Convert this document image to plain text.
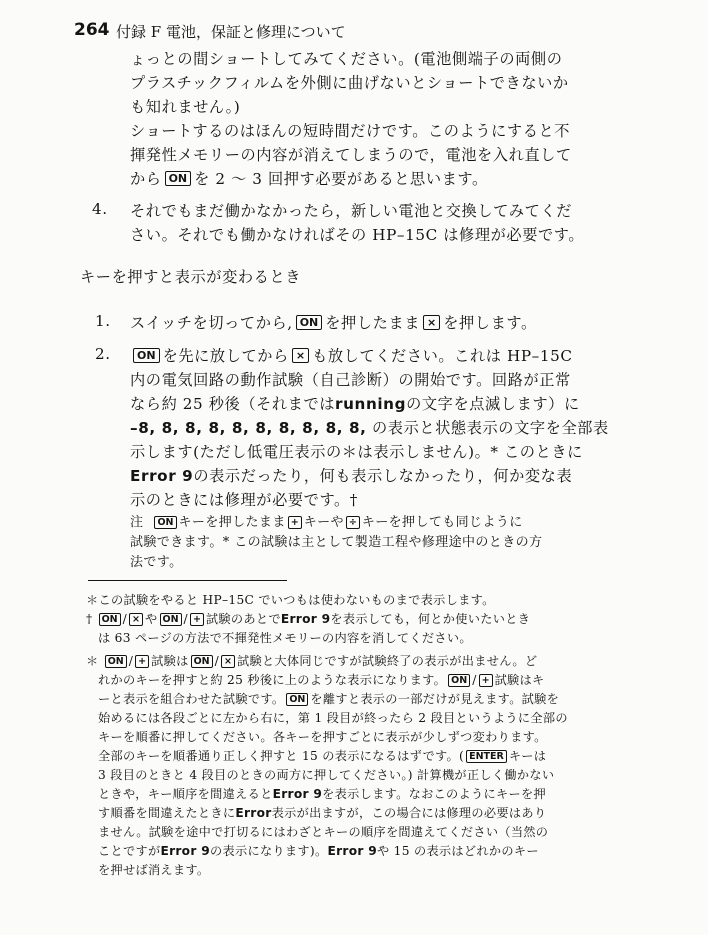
264 付録 F 電池，保証と修理について
ょっとの間ショートしてみてください。(電池側端子の両側の
プラスチックフィルムを外側に曲げないとショートできないか
も知れません。)
ショートするのはほんの短時間だけです。このようにすると不
揮発性メモリーの内容が消えてしまうので，電池を入れ直して
から ON を 2 ～ 3 回押す必要があると思います。
4. それでもまだ働かなかったら，新しい電池と交換してみてくだ
さい。それでも働かなければその HP–15C は修理が必要です。
キーを押すと表示が変わるとき
1. スイッチを切ってから, ON を押したまま × を押します。
2.	ON を先に放してから × も放してください。これは HP–15C
内の電気回路の動作試験（自己診断）の開始です。回路が正常
なら約 25 秒後（それまではrunningの文字を点滅します）に
–8, 8, 8, 8, 8, 8, 8, 8, 8, 8, の表示と状態表示の文字を全部表
示します(ただし低電圧表示の＊は表示しません)。* このときに
Error 9の表示だったり，何も表示しなかったり，何か変な表
示のときには修理が必要です。†
注 ON キーを押したまま + キーや ÷ キーを押しても同じように
試験できます。* この試験は主として製造工程や修理途中のときの方
法です。
＊この試験をやると HP–15C でいつもは使わないものまで表示します。
† ON / × や ON / + 試験のあとでError 9を表示しても，何とか使いたいとき
は 63 ページの方法で不揮発性メモリーの内容を消してください。
＊ ON / + 試験は ON / × 試験と大体同じですが試験終了の表示が出ません。ど
れかのキーを押すと約 25 秒後に上のような表示になります。 ON / + 試験はキ
ーと表示を組合わせた試験です。 ON を離すと表示の一部だけが見えます。試験を
始めるには各段ごとに左から右に，第 1 段目が終ったら 2 段目というように全部の
キーを順番に押してください。各キーを押すごとに表示が少しずつ変わります。
全部のキーを順番通り正しく押すと 15 の表示になるはずです。( ENTER キーは
3 段目のときと 4 段目のときの両方に押してください。) 計算機が正しく働かない
ときや，キー順序を間違えるとError 9を表示します。なおこのようにキーを押
す順番を間違えたときにError表示が出ますが，この場合には修理の必要はあり
ません。試験を途中で打切るにはわざとキーの順序を間違えてください（当然の
ことですがError 9の表示になります)。Error 9や 15 の表示はどれかのキー
を押せば消えます。
